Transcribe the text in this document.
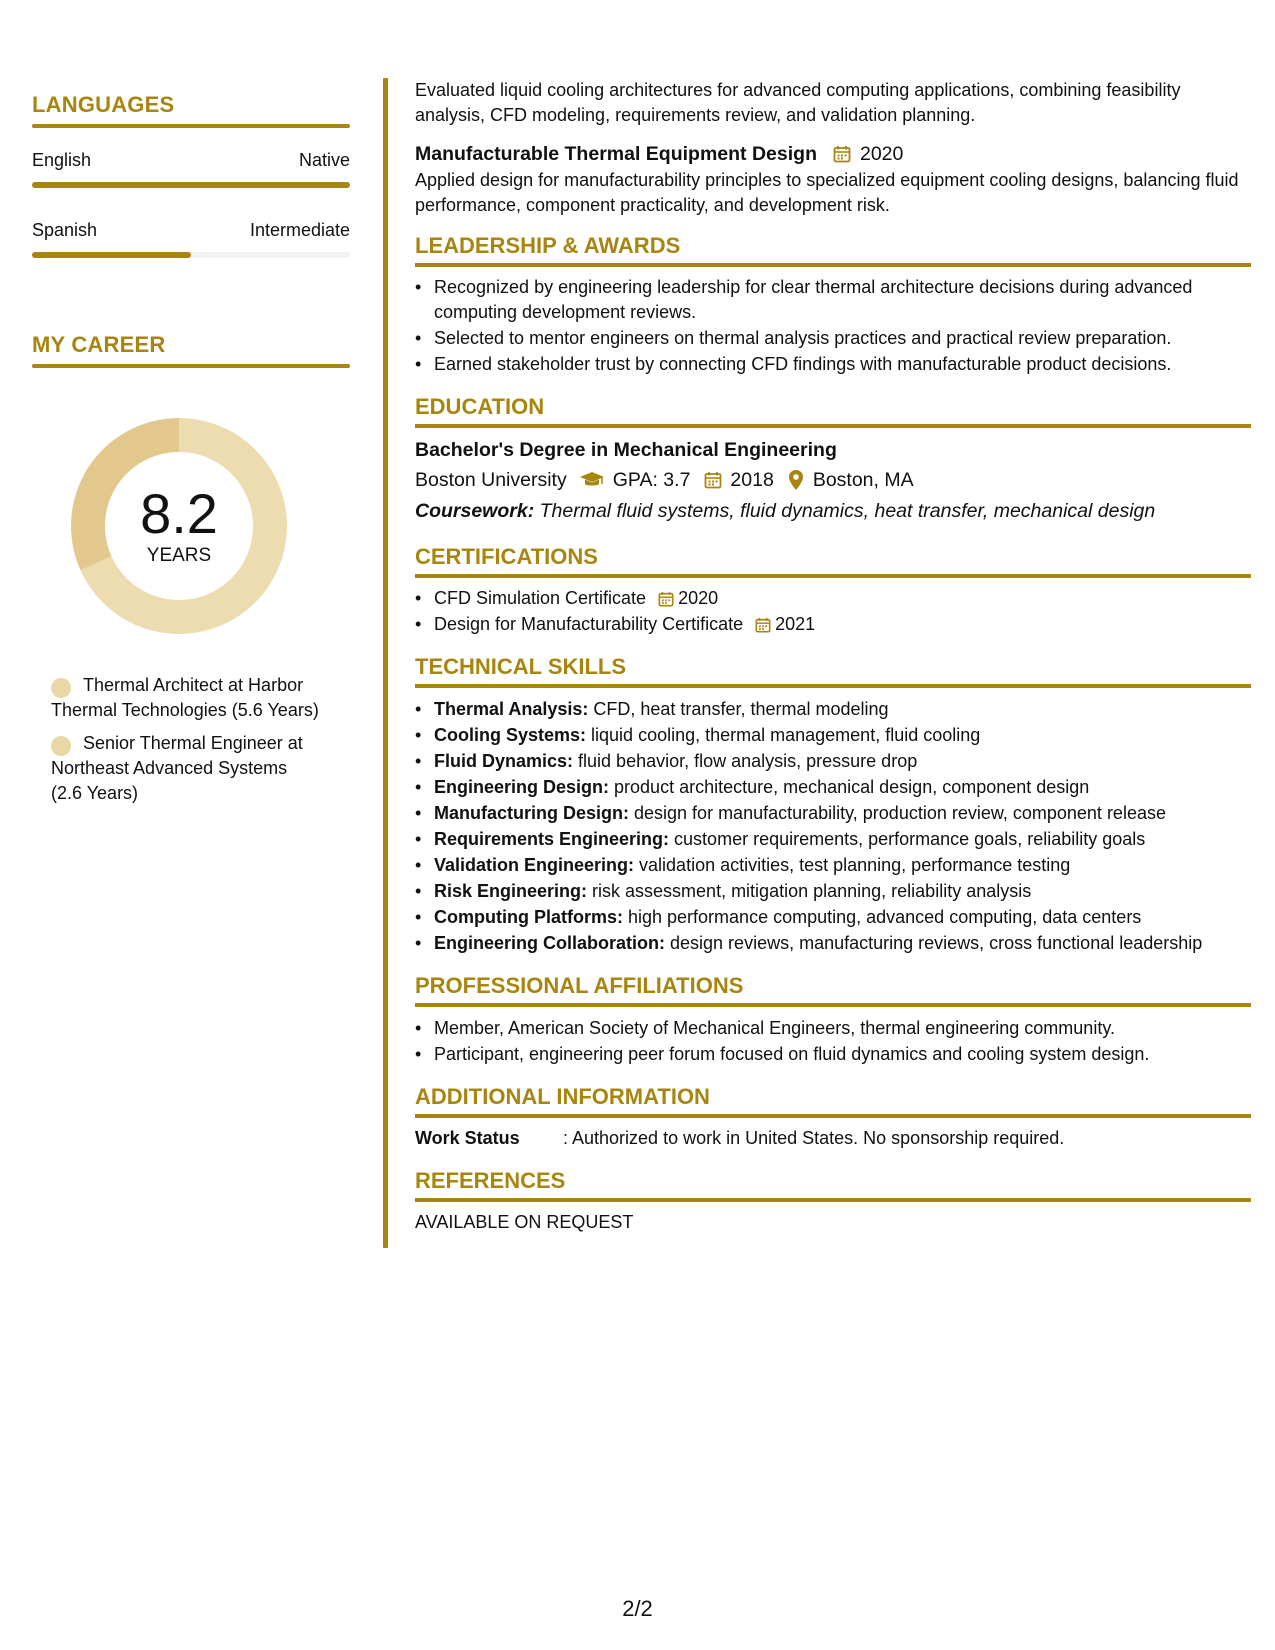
LANGUAGES
English	Native
Spanish	Intermediate
MY CAREER
8.2
YEARS
Thermal Architect at Harbor Thermal Technologies (5.6 Years)
Senior Thermal Engineer at Northeast Advanced Systems (2.6 Years)

Evaluated liquid cooling architectures for advanced computing applications, combining feasibility analysis, CFD modeling, requirements review, and validation planning.

Manufacturable Thermal Equipment Design 2020

Applied design for manufacturability principles to specialized equipment cooling designs, balancing fluid performance, component practicality, and development risk.

LEADERSHIP & AWARDS
• Recognized by engineering leadership for clear thermal architecture decisions during advanced computing development reviews.
• Selected to mentor engineers on thermal analysis practices and practical review preparation.
• Earned stakeholder trust by connecting CFD findings with manufacturable product decisions.
EDUCATION
Bachelor's Degree in Mechanical Engineering
Boston University GPA: 3.7 2018 Boston, MA
Coursework: Thermal fluid systems, fluid dynamics, heat transfer, mechanical design
CERTIFICATIONS
• CFD Simulation Certificate 2020
• Design for Manufacturability Certificate 2021
TECHNICAL SKILLS
• Thermal Analysis: CFD, heat transfer, thermal modeling
• Cooling Systems: liquid cooling, thermal management, fluid cooling
• Fluid Dynamics: fluid behavior, flow analysis, pressure drop
• Engineering Design: product architecture, mechanical design, component design
• Manufacturing Design: design for manufacturability, production review, component release
• Requirements Engineering: customer requirements, performance goals, reliability goals
• Validation Engineering: validation activities, test planning, performance testing
• Risk Engineering: risk assessment, mitigation planning, reliability analysis
• Computing Platforms: high performance computing, advanced computing, data centers
• Engineering Collaboration: design reviews, manufacturing reviews, cross functional leadership
PROFESSIONAL AFFILIATIONS
• Member, American Society of Mechanical Engineers, thermal engineering community.
• Participant, engineering peer forum focused on fluid dynamics and cooling system design.
ADDITIONAL INFORMATION
Work Status	: Authorized to work in United States. No sponsorship required.
REFERENCES
AVAILABLE ON REQUEST
2/2
